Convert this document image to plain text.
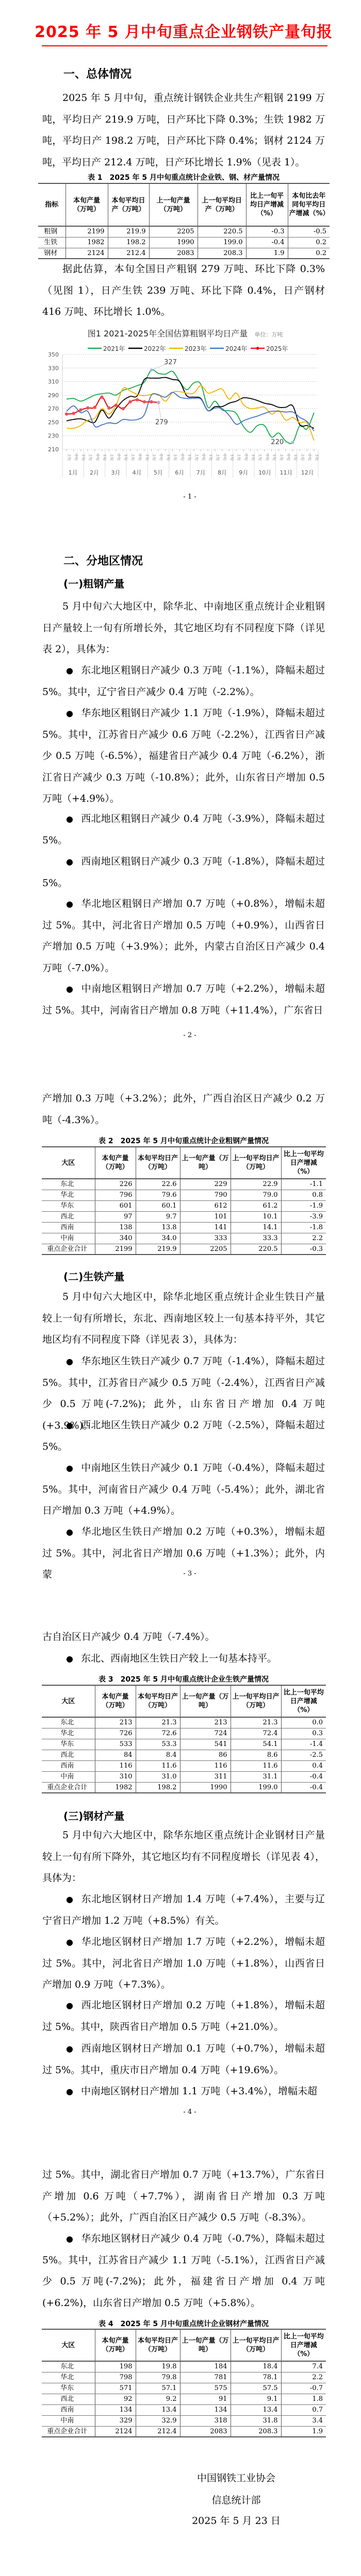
2025 年 5 月中旬重点企业钢铁产量旬报
一、总体情况
2025 年 5 月中旬，重点统计钢铁企业共生产粗钢 2199 万吨，平均日产 219.9 万吨，日产环比下降 0.3%；生铁 1982 万吨，平均日产 198.2 万吨，日产环比下降 0.4%；钢材 2124 万吨，平均日产 212.4 万吨，日产环比增长 1.9%（见表 1）。
表 1　2025 年 5 月中旬重点统计企业铁、钢、材产量情况
指标	本旬产量（万吨）	本旬平均日产（万吨）	上一旬产量（万吨）	上一旬平均日产（万吨）	比上一旬平均日产增减（%）	本旬比去年同旬平均日产增减（%）
粗钢	2199	219.9	2205	220.5	-0.3	-0.5
生铁	1982	198.2	1990	199.0	-0.4	0.2
钢材	2124	212.4	2083	208.3	1.9	0.2
据此估算，本旬全国日产粗钢 279 万吨、环比下降 0.3%（见图 1），日产生铁 239 万吨、环比下降 0.4%，日产钢材 416 万吨、环比增长 1.0%。
图1 2021-2025年全国估算粗钢平均日产量 单位：万吨
350
330
310
290
270
250
230
210
1月
上旬 中旬 下旬
2月
上旬 中旬 下旬
3月
上旬 中旬 下旬
4月
上旬 中旬 下旬
5月
上旬 中旬 下旬
6月
上旬 中旬 下旬
7月
上旬 中旬 下旬
8月
上旬 中旬 下旬
9月
上旬 中旬 下旬
10月
上旬 中旬 下旬
11月
上旬 中旬 下旬
12月
上旬 中旬 下旬
2021年	2022年	2023年	2024年	2025年
327
279
220
- 1 -
二、分地区情况
(一)粗钢产量
5 月中旬六大地区中，除华北、中南地区重点统计企业粗钢日产量较上一旬有所增长外，其它地区均有不同程度下降（详见表 2），具体为：
●东北地区粗钢日产减少 0.3 万吨（-1.1%），降幅未超过 5%。其中，辽宁省日产减少 0.4 万吨（-2.2%）。
●华东地区粗钢日产减少 1.1 万吨（-1.9%），降幅未超过 5%。其中，江苏省日产减少 0.6 万吨（-2.2%），江西省日产减少 0.5 万吨（-6.5%），福建省日产减少 0.4 万吨（-6.2%），浙江省日产减少 0.3 万吨（-10.8%）；此外，山东省日产增加 0.5 万吨（+4.9%）。
●西北地区粗钢日产减少 0.4 万吨（-3.9%），降幅未超过 5%。
●西南地区粗钢日产减少 0.3 万吨（-1.8%），降幅未超过 5%。
●华北地区粗钢日产增加 0.7 万吨（+0.8%），增幅未超过 5%。其中，河北省日产增加 0.5 万吨（+0.9%），山西省日产增加 0.5 万吨（+3.9%）；此外，内蒙古自治区日产减少 0.4 万吨（-7.0%）。
●中南地区粗钢日产增加 0.7 万吨（+2.2%），增幅未超过 5%。其中，河南省日产增加 0.8 万吨（+11.4%），广东省日
- 2 -
产增加 0.3 万吨（+3.2%）；此外，广西自治区日产减少 0.2 万吨（-4.3%）。
表 2　2025 年 5 月中旬重点统计企业粗钢产量情况
大区	本旬产量（万吨）	本旬平均日产（万吨）	上一旬产量（万吨）	上一旬平均日产（万吨）	比上一旬平均日产增减（%）
东北	226	22.6	229	22.9	-1.1
华北	796	79.6	790	79.0	0.8
华东	601	60.1	612	61.2	-1.9
西北	97	9.7	101	10.1	-3.9
西南	138	13.8	141	14.1	-1.8
中南	340	34.0	333	33.3	2.2
重点企业合计	2199	219.9	2205	220.5	-0.3
(二)生铁产量
5 月中旬六大地区中，除华北地区重点统计企业生铁日产量较上一旬有所增长，东北、西南地区较上一旬基本持平外，其它地区均有不同程度下降（详见表 3），具体为：
●华东地区生铁日产减少 0.7 万吨（-1.4%），降幅未超过 5%。其中，江苏省日产减少 0.5 万吨（-2.4%），江西省日产减少 0.5 万吨(-7.2%)；此外，山东省日产增加 0.4 万吨(+3.9%)。
●西北地区生铁日产减少 0.2 万吨（-2.5%），降幅未超过 5%。
●中南地区生铁日产减少 0.1 万吨（-0.4%），降幅未超过 5%。其中，河南省日产减少 0.4 万吨（-5.4%）；此外，湖北省日产增加 0.3 万吨（+4.9%）。
●华北地区生铁日产增加 0.2 万吨（+0.3%），增幅未超过 5%。其中，河北省日产增加 0.6 万吨（+1.3%）；此外，内蒙	- 3 -
古自治区日产减少 0.4 万吨（-7.4%）。
●东北、西南地区生铁日产较上一旬基本持平。
表 3　2025 年 5 月中旬重点统计企业生铁产量情况
大区	本旬产量（万吨）	本旬平均日产（万吨）	上一旬产量（万吨）	上一旬平均日产（万吨）	比上一旬平均日产增减（%）
东北	213	21.3	213	21.3	0.0
华北	726	72.6	724	72.4	0.3
华东	533	53.3	541	54.1	-1.4
西北	84	8.4	86	8.6	-2.5
西南	116	11.6	116	11.6	0.4
中南	310	31.0	311	31.1	-0.4
重点企业合计	1982	198.2	1990	199.0	-0.4
(三)钢材产量
5 月中旬六大地区中，除华东地区重点统计企业钢材日产量较上一旬有所下降外，其它地区均有不同程度增长（详见表 4），具体为：
●东北地区钢材日产增加 1.4 万吨（+7.4%），主要与辽宁省日产增加 1.2 万吨（+8.5%）有关。
●华北地区钢材日产增加 1.7 万吨（+2.2%），增幅未超过 5%。其中，河北省日产增加 1.0 万吨（+1.8%），山西省日产增加 0.9 万吨（+7.3%）。
●西北地区钢材日产增加 0.2 万吨（+1.8%），增幅未超过 5%。其中，陕西省日产增加 0.5 万吨（+21.0%）。
●西南地区钢材日产增加 0.1 万吨（+0.7%），增幅未超过 5%。其中，重庆市日产增加 0.4 万吨（+19.6%）。
●中南地区钢材日产增加 1.1 万吨（+3.4%），增幅未超
- 4 -
过 5%。其中，湖北省日产增加 0.7 万吨（+13.7%），广东省日产增加 0.6 万吨（+7.7%），湖南省日产增加 0.3 万吨（+5.2%）；此外，广西自治区日产减少 0.5 万吨（-8.3%）。
●华东地区钢材日产减少 0.4 万吨（-0.7%），降幅未超过 5%。其中，江苏省日产减少 1.1 万吨（-5.1%），江西省日产减少 0.5 万吨(-7.2%)；此外，福建省日产增加 0.4 万吨(+6.2%)，山东省日产增加 0.5 万吨（+5.8%）。
表 4　2025 年 5 月中旬重点统计企业钢材产量情况
大区	本旬产量（万吨）	本旬平均日产（万吨）	上一旬产量（万吨）	上一旬平均日产（万吨）	比上一旬平均日产增减（%）
东北	198	19.8	184	18.4	7.4
华北	798	79.8	781	78.1	2.2
华东	571	57.1	575	57.5	-0.7
西北	92	9.2	91	9.1	1.8
西南	134	13.4	134	13.4	0.7
中南	329	32.9	318	31.8	3.4
重点企业合计	2124	212.4	2083	208.3	1.9
中国钢铁工业协会
信息统计部
2025 年 5 月 23 日
